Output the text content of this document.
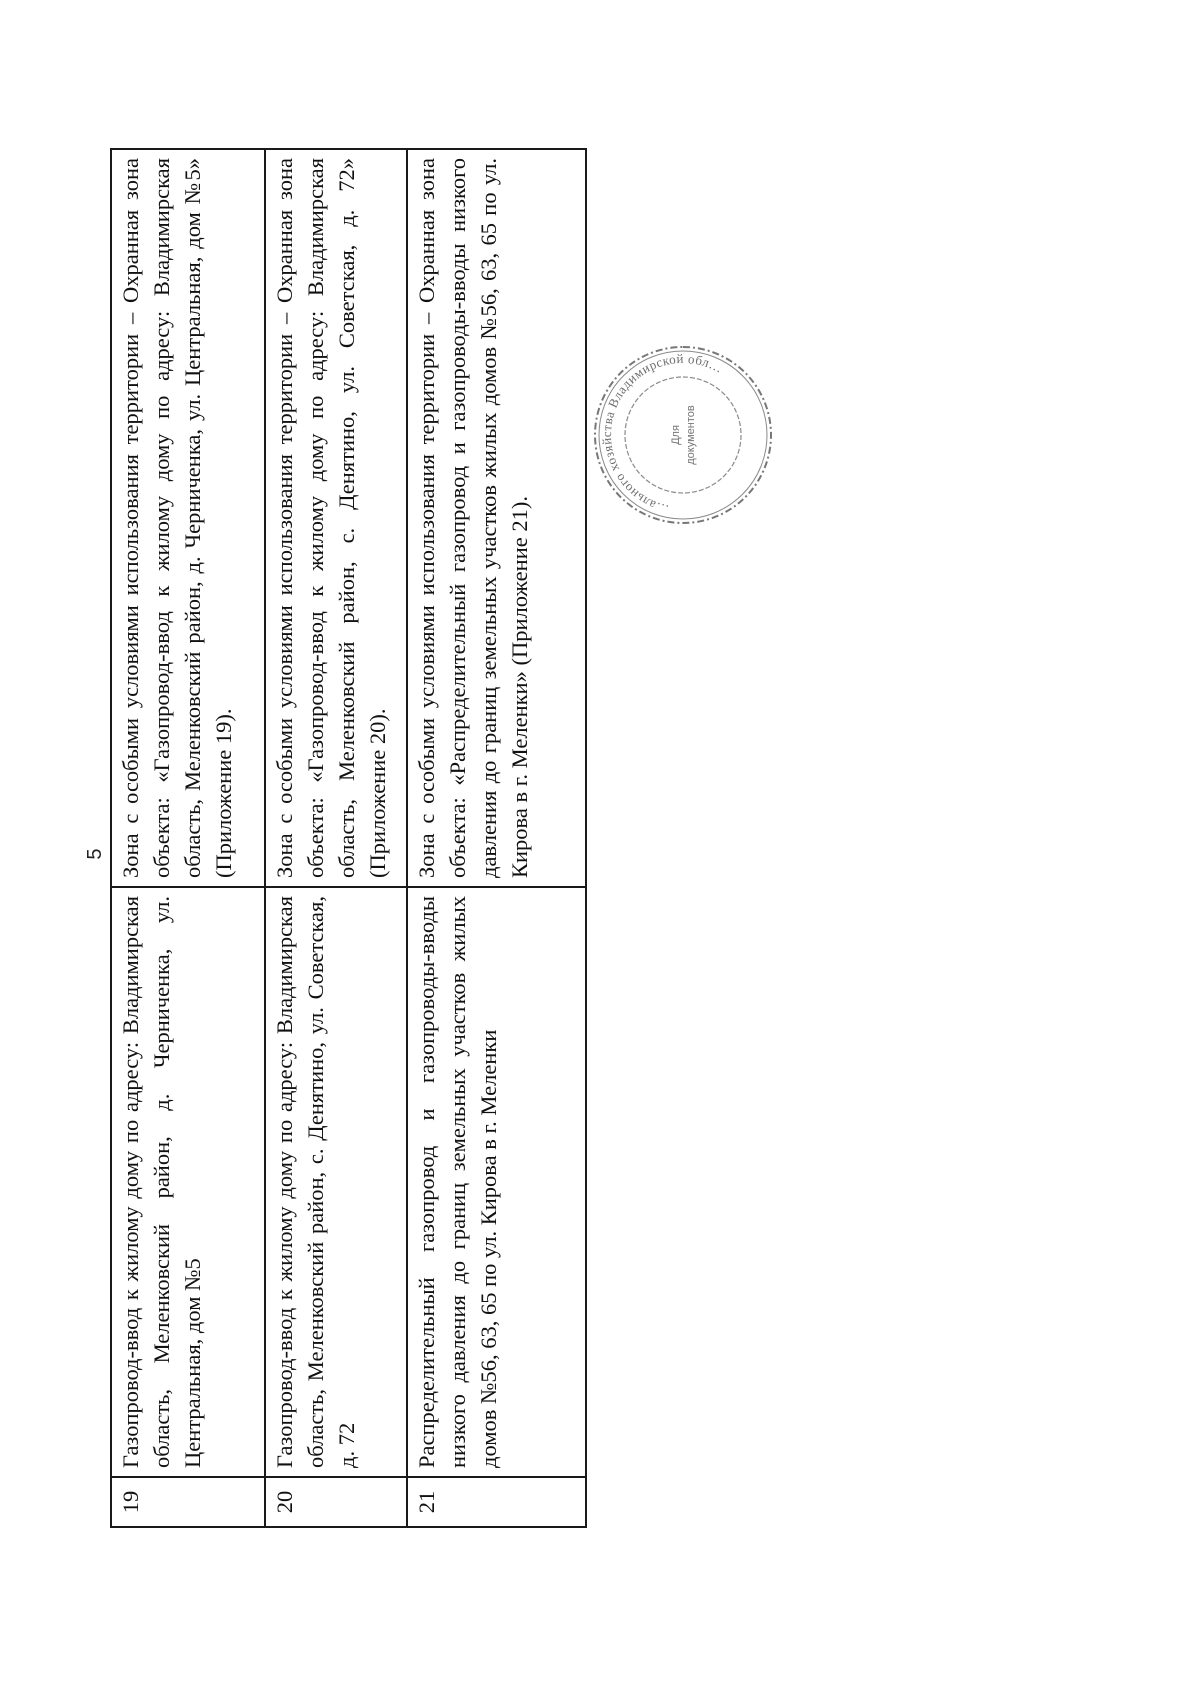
5
19	Газопровод-ввод к жилому дому по адресу: Владимирская область, Меленковский район, д. Черниченка, ул. Центральная, дом №5	Зона с особыми условиями использования территории – Охранная зона объекта: «Газопровод-ввод к жилому дому по адресу: Владимирская область, Меленковский район, д. Черниченка, ул. Центральная, дом №5» (Приложение 19).
20	Газопровод-ввод к жилому дому по адресу: Владимирская область, Меленковский район, с. Денятино, ул. Советская, д. 72	Зона с особыми условиями использования территории – Охранная зона объекта: «Газопровод-ввод к жилому дому по адресу: Владимирская область, Меленковский район, с. Денятино, ул. Советская, д. 72» (Приложение 20).
21	Распределительный газопровод и газопроводы-вводы низкого давления до границ земельных участков жилых домов №56, 63, 65 по ул. Кирова в г. Меленки	Зона с особыми условиями использования территории – Охранная зона объекта: «Распределительный газопровод и газопроводы-вводы низкого давления до границ земельных участков жилых домов №56, 63, 65 по ул. Кирова в г. Меленки» (Приложение 21).	…ального хозяйства Владимирской обл…
Для документов
